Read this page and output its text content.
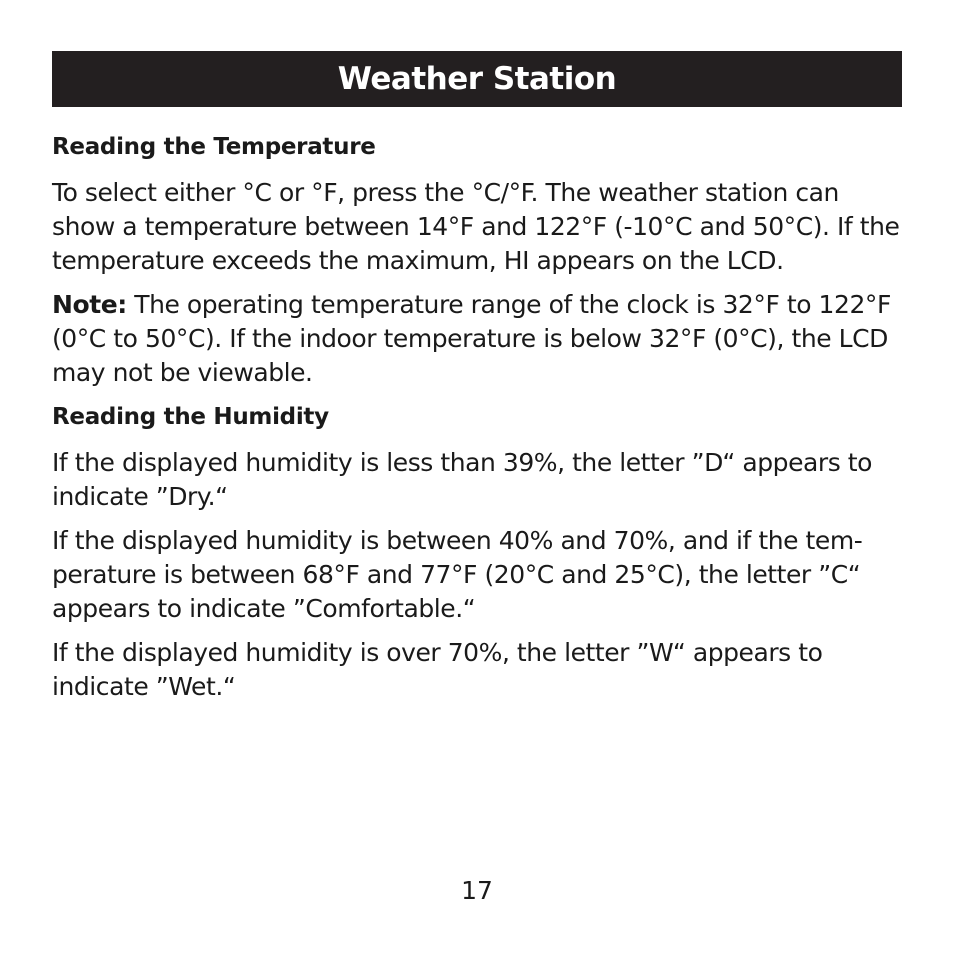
Weather Station
Reading the Temperature

To select either °C or °F, press the °C/°F. The weather station can show a temperature between 14°F and 122°F (-10°C and 50°C). If the temperature exceeds the maximum, HI appears on the LCD.

Note: The operating temperature range of the clock is 32°F to 122°F (0°C to 50°C). If the indoor temperature is below 32°F (0°C), the LCD may not be viewable.

Reading the Humidity

If the displayed humidity is less than 39%, the letter ”D“ appears to indicate ”Dry.“

If the displayed humidity is between 40% and 70%, and if the tem-perature is between 68°F and 77°F (20°C and 25°C), the letter ”C“ appears to indicate ”Comfortable.“

If the displayed humidity is over 70%, the letter ”W“ appears to indicate ”Wet.“

17
